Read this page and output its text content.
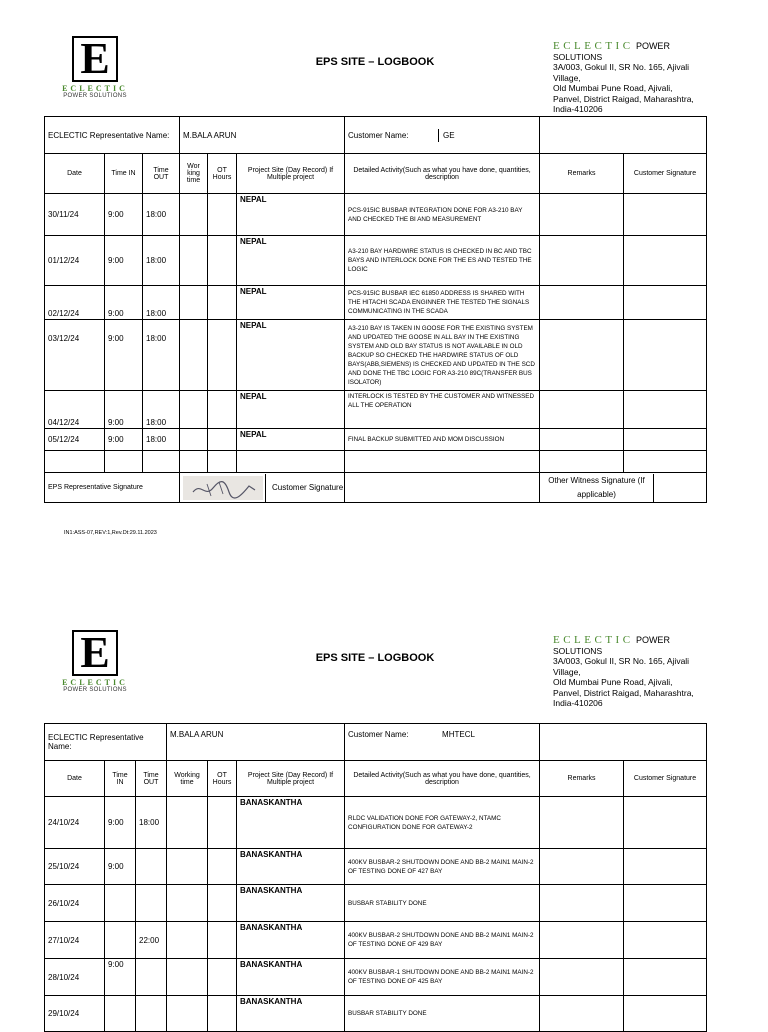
E
ECLECTIC
POWER SOLUTIONS
EPS SITE – LOGBOOK
ECLECTIC POWER
SOLUTIONS
3A/003, Gokul II, SR No. 165, Ajivali
Village,
Old Mumbai Pune Road, Ajivali,
Panvel, District Raigad, Maharashtra,
India-410206
ECLECTIC Representative Name:			M.BALA ARUN			Customer Name: GE		

Date	Time IN	Time OUT	Wor king time	OT Hours	Project Site (Day Record) If Multiple project	Detailed Activity(Such as what you have done, quantities, description	Remarks	Customer Signature
30/11/24	9:00	18:00			NEPAL	PCS-915IC BUSBAR INTEGRATION DONE FOR A3-210 BAY AND CHECKED THE BI AND MEASUREMENT		
01/12/24	9:00	18:00			NEPAL	A3-210 BAY HARDWIRE STATUS IS CHECKED IN BC AND TBC BAYS AND INTERLOCK DONE FOR THE ES AND TESTED THE LOGIC		
02/12/24	9:00	18:00			NEPAL	PCS-915IC BUSBAR IEC 61850 ADDRESS IS SHARED WITH THE HITACHI SCADA ENGINNER THE TESTED THE SIGNALS COMMUNICATING IN THE SCADA		
03/12/24	9:00	18:00			NEPAL	A3-210 BAY IS TAKEN IN GOOSE FOR THE EXISTING SYSTEM AND UPDATED THE GOOSE IN ALL BAY IN THE EXISTING SYSTEM AND OLD BAY STATUS IS NOT AVAILABLE IN OLD BACKUP SO CHECKED THE HARDWIRE STATUS OF OLD BAYS(ABB,SIEMENS) IS CHECKED AND UPDATED IN THE SCD AND DONE THE TBC LOGIC FOR A3-210 89C(TRANSFER BUS ISOLATOR)		
04/12/24	9:00	18:00			NEPAL	INTERLOCK IS TESTED BY THE CUSTOMER AND WITNESSED ALL THE OPERATION		
05/12/24	9:00	18:00			NEPAL	FINAL BACKUP SUBMITTED AND MOM DISCUSSION		

EPS Representative Signature			Customer Signature				Other Witness Signature (If applicable)	
IN1:ASS-07,REV:1,Rev.Dt:29.11.2023
E
ECLECTIC
POWER SOLUTIONS
EPS SITE – LOGBOOK
ECLECTIC POWER
SOLUTIONS
3A/003, Gokul II, SR No. 165, Ajivali
Village,
Old Mumbai Pune Road, Ajivali,
Panvel, District Raigad, Maharashtra,
India-410206
ECLECTIC Representative Name:			M.BALA ARUN			Customer Name: MHTECL		

Date	Time IN	Time OUT	Working time	OT Hours	Project Site (Day Record) If Multiple project	Detailed Activity(Such as what you have done, quantities, description	Remarks	Customer Signature
24/10/24	9:00	18:00			BANASKANTHA	RLDC VALIDATION DONE FOR GATEWAY-2, NTAMC CONFIGURATION DONE FOR GATEWAY-2		
25/10/24	9:00				BANASKANTHA	400KV BUSBAR-2 SHUTDOWN DONE AND BB-2 MAIN1 MAIN-2 OF TESTING DONE OF 427 BAY		
26/10/24					BANASKANTHA	BUSBAR STABILITY DONE		
27/10/24		22:00			BANASKANTHA	400KV BUSBAR-2 SHUTDOWN DONE AND BB-2 MAIN1 MAIN-2 OF TESTING DONE OF 429 BAY		
28/10/24	9:00				BANASKANTHA	400KV BUSBAR-1 SHUTDOWN DONE AND BB-2 MAIN1 MAIN-2 OF TESTING DONE OF 425 BAY		
29/10/24					BANASKANTHA	BUSBAR STABILITY DONE		
